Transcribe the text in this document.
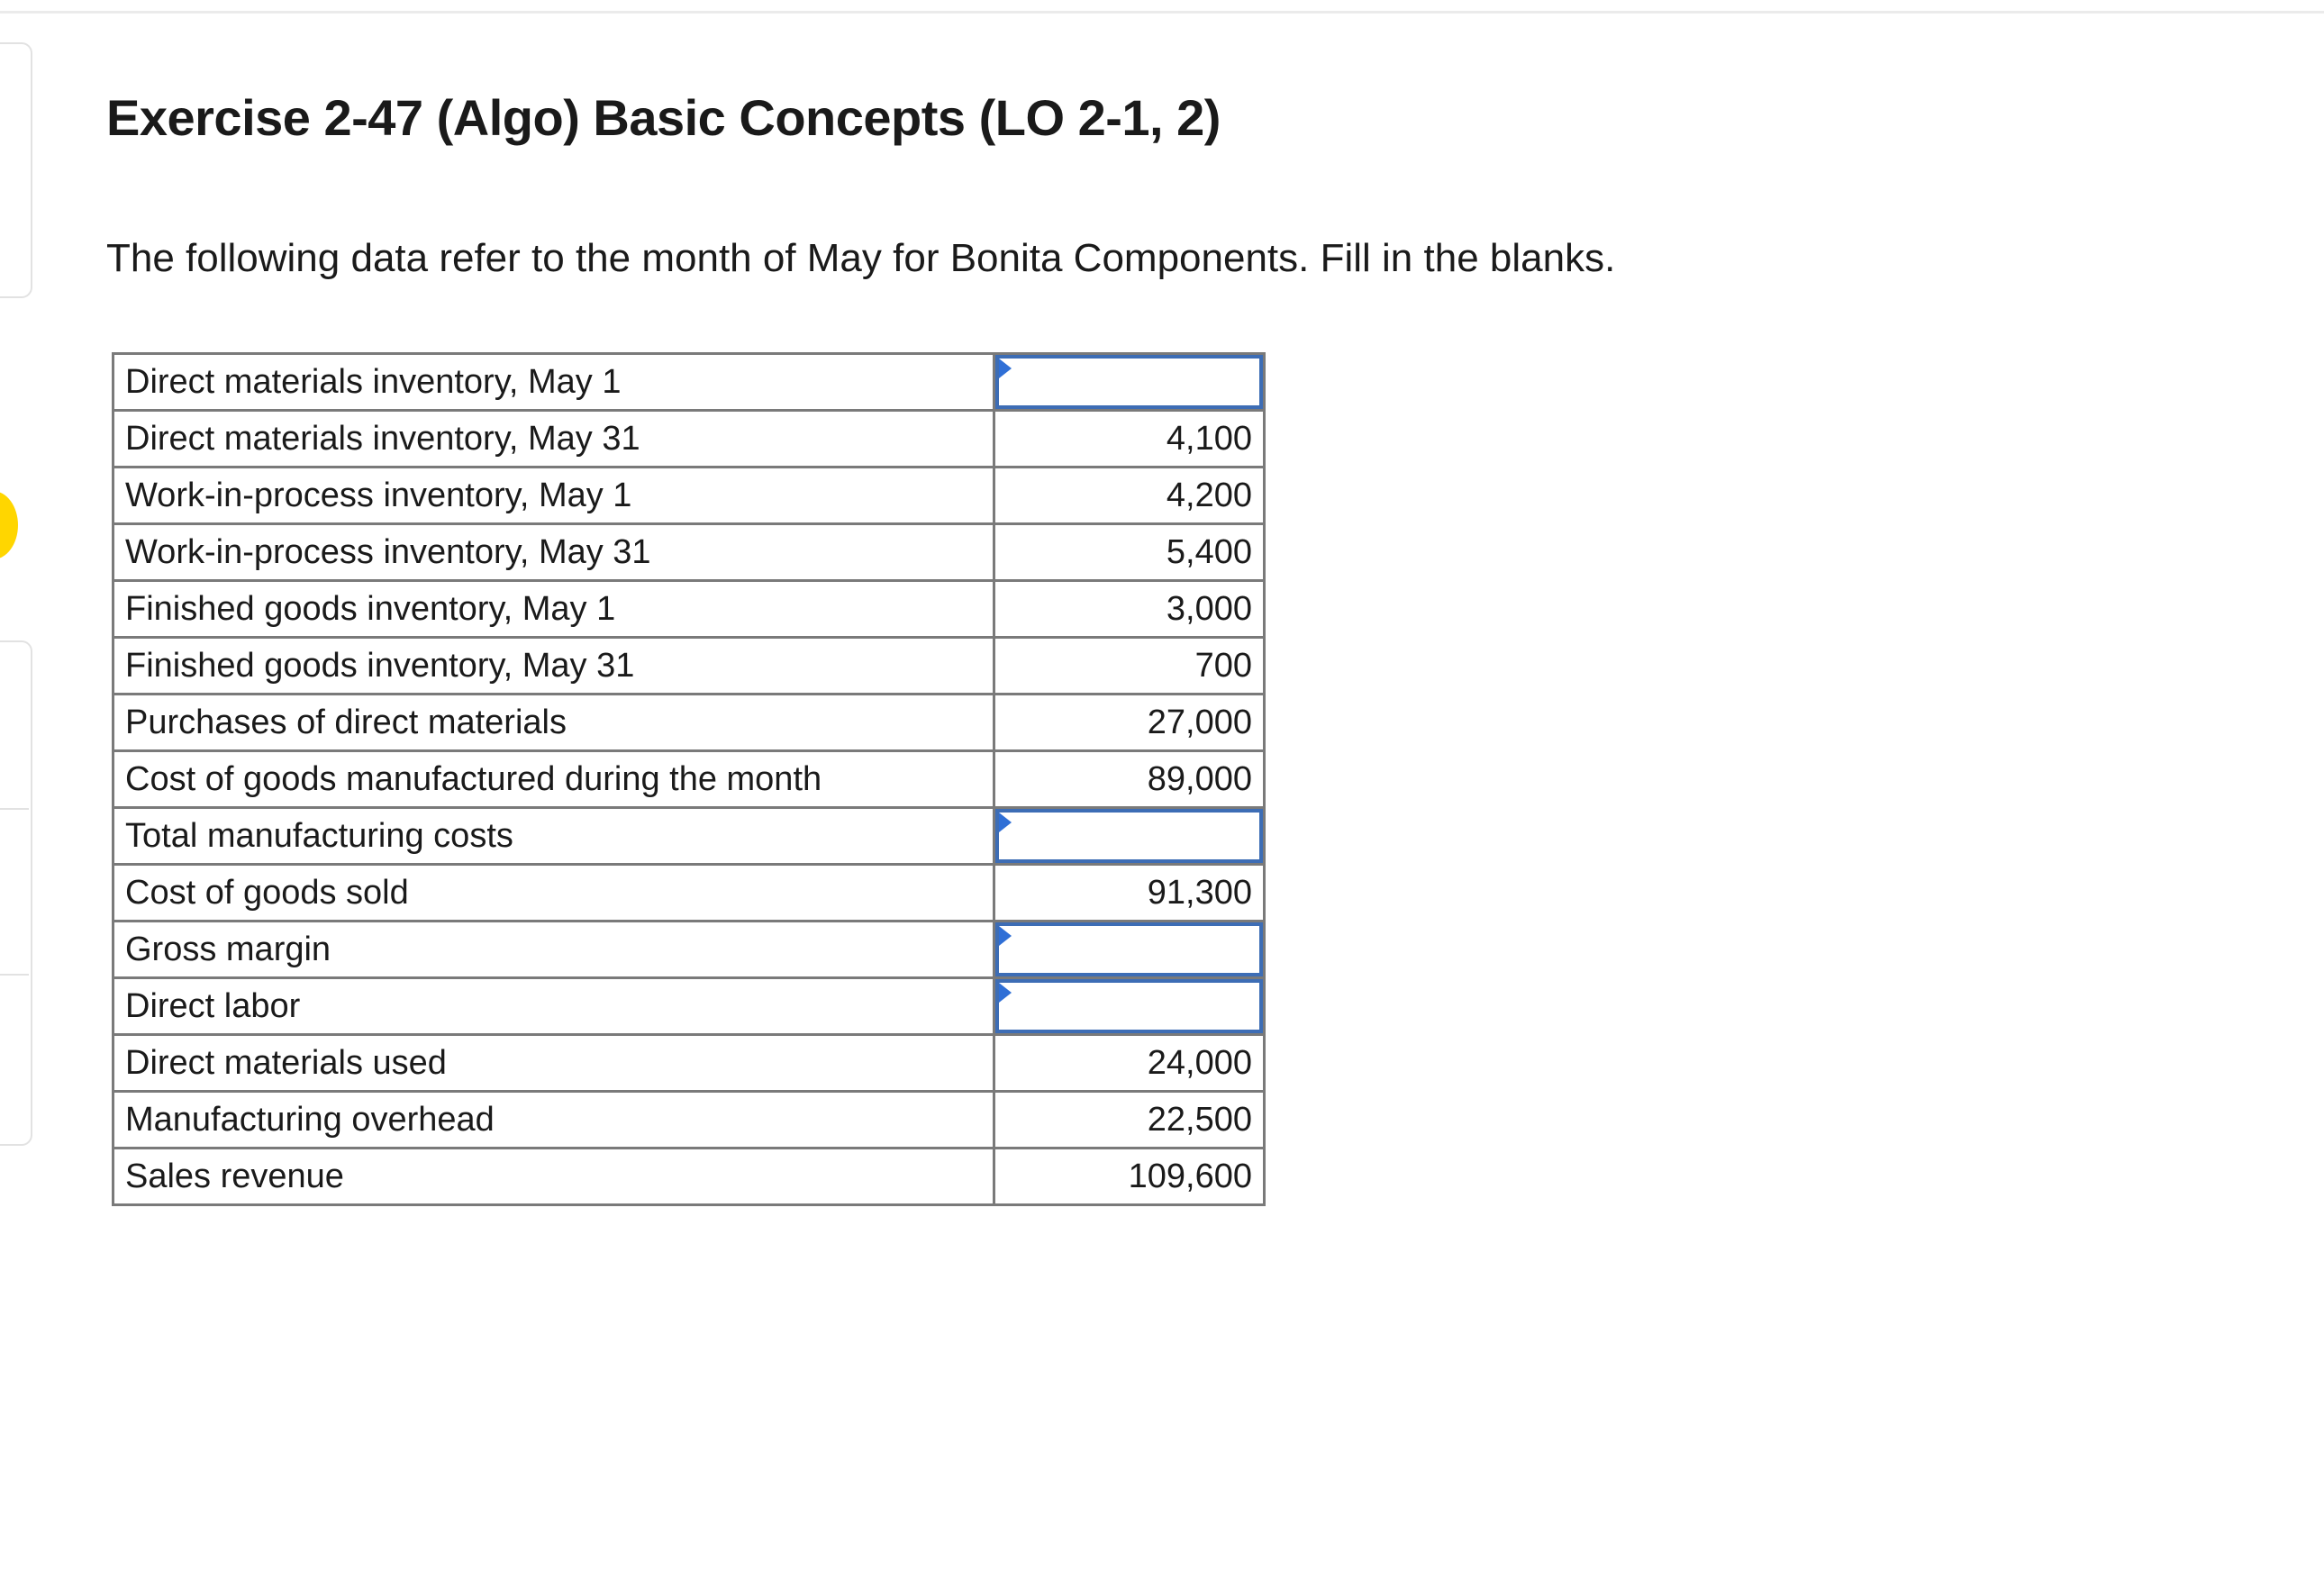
Exercise 2-47 (Algo) Basic Concepts (LO 2-1, 2)

The following data refer to the month of May for Bonita Components. Fill in the blanks.

Direct materials inventory, May 1	

Direct materials inventory, May 31	4,100
Work-in-process inventory, May 1	4,200
Work-in-process inventory, May 31	5,400
Finished goods inventory, May 1	3,000
Finished goods inventory, May 31	700
Purchases of direct materials	27,000
Cost of goods manufactured during the month	89,000
Total manufacturing costs	

Cost of goods sold	91,300
Gross margin	

Direct labor	

Direct materials used	24,000
Manufacturing overhead	22,500
Sales revenue	109,600
